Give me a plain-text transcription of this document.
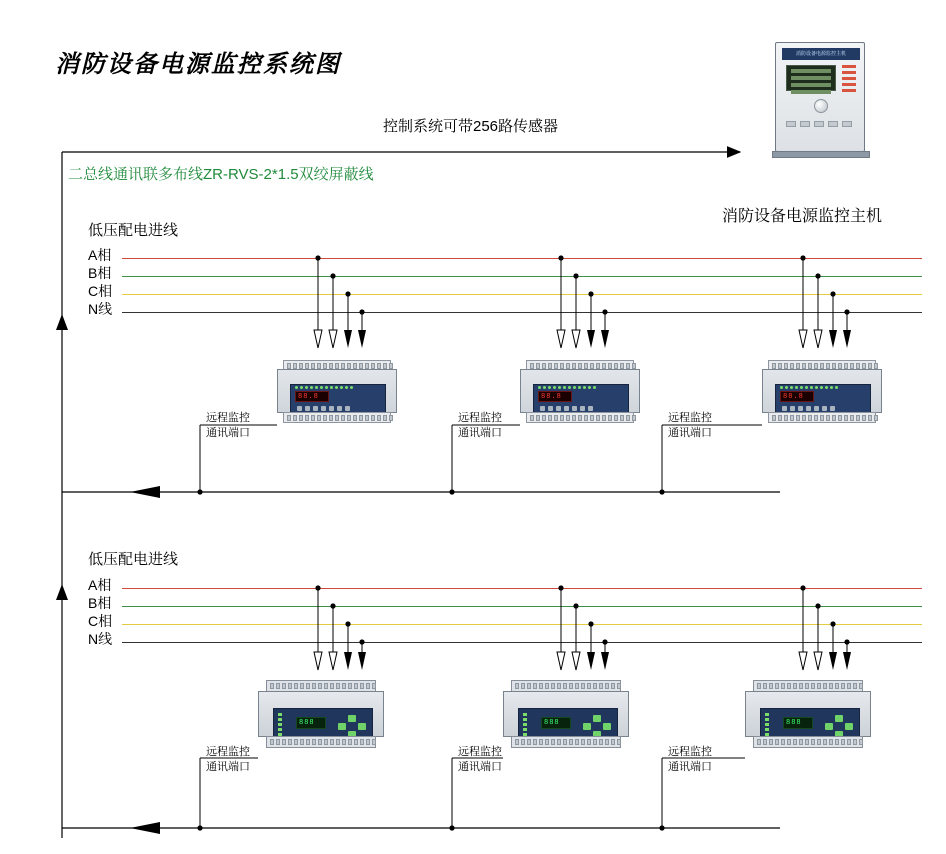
消防设备电源监控系统图	消防设备电源监控主机
消防设备电源监控主机
控制系统可带256路传感器
二总线通讯联多布线ZR-RVS-2*1.5双绞屏蔽线
低压配电进线
A相
B相
C相
N线
88.8	88.8	88.8
远程监控
通讯端口
远程监控
通讯端口
远程监控
通讯端口
低压配电进线
A相
B相
C相
N线
888	888	888
远程监控
通讯端口
远程监控
通讯端口
远程监控
通讯端口
